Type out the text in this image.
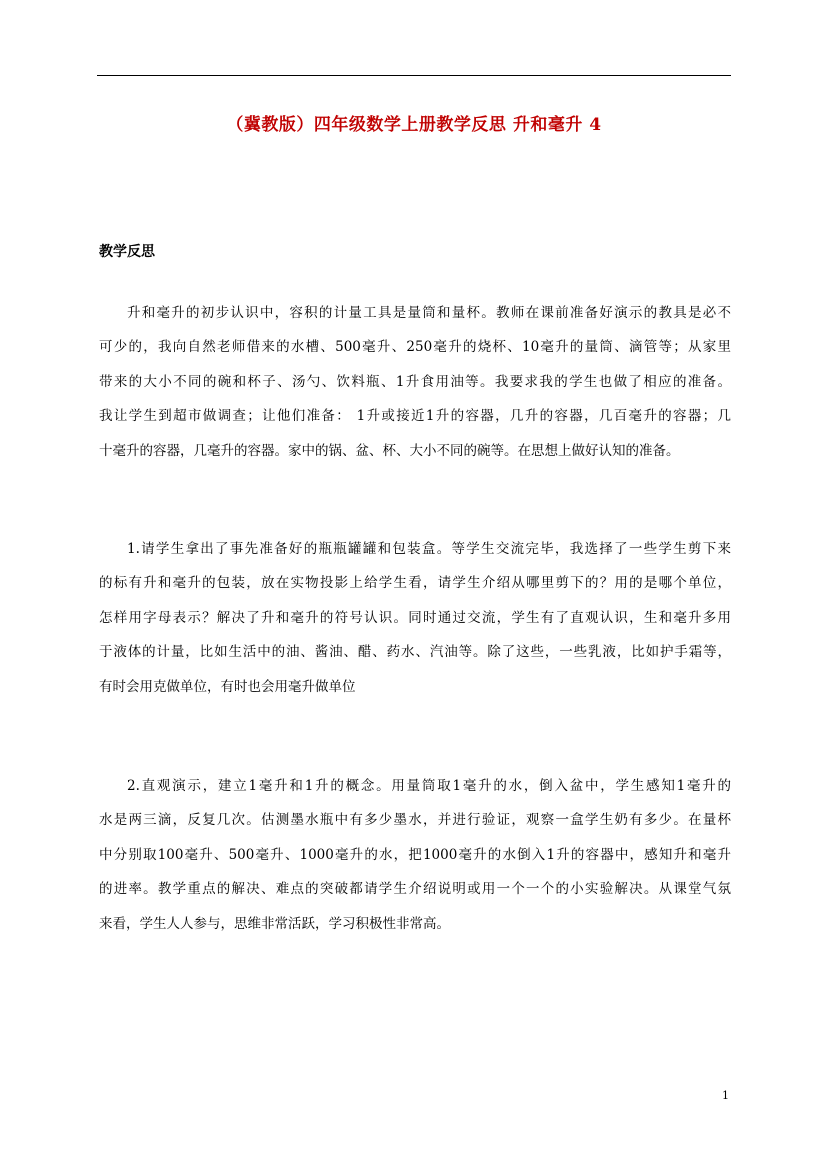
（冀教版）四年级数学上册教学反思 升和毫升 4
教学反思
升和毫升的初步认识中，容积的计量工具是量筒和量杯。教师在课前准备好演示的教具是必不
可少的，我向自然老师借来的水槽、500毫升、250毫升的烧杯、10毫升的量筒、滴管等；从家里
带来的大小不同的碗和杯子、汤勺、饮料瓶、1升食用油等。我要求我的学生也做了相应的准备。
我让学生到超市做调查；让他们准备： 1升或接近1升的容器，几升的容器，几百毫升的容器；几
十毫升的容器，几毫升的容器。家中的锅、盆、杯、大小不同的碗等。在思想上做好认知的准备。
1.请学生拿出了事先准备好的瓶瓶罐罐和包装盒。等学生交流完毕，我选择了一些学生剪下来
的标有升和毫升的包装，放在实物投影上给学生看，请学生介绍从哪里剪下的？用的是哪个单位，
怎样用字母表示？解决了升和毫升的符号认识。同时通过交流，学生有了直观认识，生和毫升多用
于液体的计量，比如生活中的油、酱油、醋、药水、汽油等。除了这些，一些乳液，比如护手霜等，
有时会用克做单位，有时也会用毫升做单位
2.直观演示，建立1毫升和1升的概念。用量筒取1毫升的水，倒入盆中，学生感知1毫升的
水是两三滴，反复几次。估测墨水瓶中有多少墨水，并进行验证，观察一盒学生奶有多少。在量杯
中分别取100毫升、500毫升、1000毫升的水，把1000毫升的水倒入1升的容器中，感知升和毫升
的进率。教学重点的解决、难点的突破都请学生介绍说明或用一个一个的小实验解决。从课堂气氛
来看，学生人人参与，思维非常活跃，学习积极性非常高。
1
